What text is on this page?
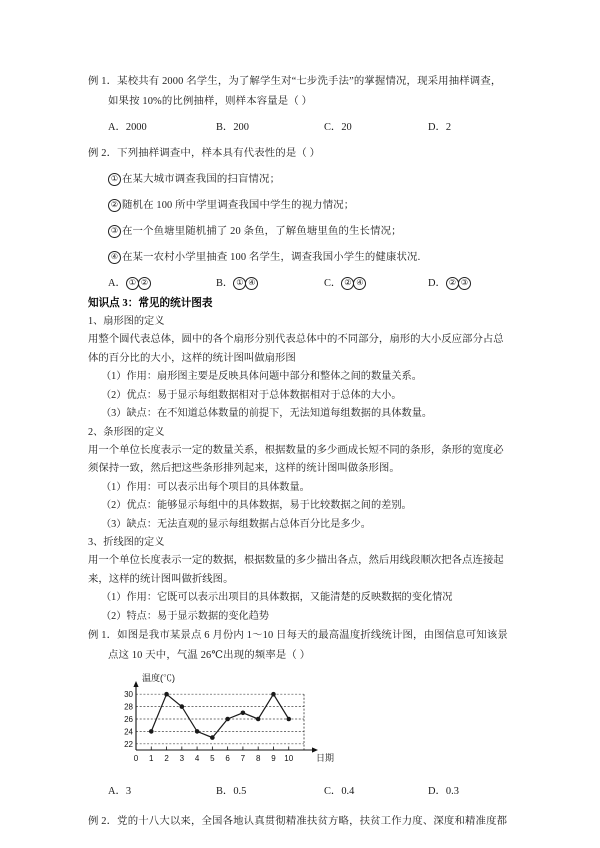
例 1．某校共有 2000 名学生，为了解学生对“七步洗手法”的掌握情况，现采用抽样调查，
如果按 10%的比例抽样，则样本容量是（ ）
A．2000	B．200	C．20	D．2
例 2．下列抽样调查中，样本具有代表性的是（ ）
① 在某大城市调查我国的扫盲情况；
② 随机在 100 所中学里调查我国中学生的视力情况；
③ 在一个鱼塘里随机捕了 20 条鱼，了解鱼塘里鱼的生长情况；
④ 在某一农村小学里抽查 100 名学生，调查我国小学生的健康状况.
A． ① ②	B． ① ④	C． ② ④	D． ② ③
知识点 3：常见的统计图表
1、扇形图的定义
用整个圆代表总体，圆中的各个扇形分别代表总体中的不同部分，扇形的大小反应部分占总
体的百分比的大小，这样的统计图叫做扇形图
（1）作用：扇形图主要是反映具体问题中部分和整体之间的数量关系。
（2）优点：易于显示每组数据相对于总体数据相对于总体的大小。
（3）缺点：在不知道总体数量的前提下，无法知道每组数据的具体数量。
2、条形图的定义
用一个单位长度表示一定的数量关系，根据数量的多少画成长短不同的条形，条形的宽度必
须保持一致，然后把这些条形排列起来，这样的统计图叫做条形图。
（1）作用：可以表示出每个项目的具体数量。
（2）优点：能够显示每组中的具体数据，易于比较数据之间的差别。
（3）缺点：无法直观的显示每组数据占总体百分比是多少。
3、折线图的定义
用一个单位长度表示一定的数据，根据数量的多少描出各点，然后用线段顺次把各点连接起
来，这样的统计图叫做折线图。
（1）作用：它既可以表示出项目的具体数据，又能清楚的反映数据的变化情况
（2）特点：易于显示数据的变化趋势
例 1．如图是我市某景点 6 月份内 1～10 日每天的最高温度折线统计图，由图信息可知该景
点这 10 天中，气温 26℃出现的频率是（ ）
温度(℃)
日期
22
24
26
28
30
0 1 2 3 4 5 6 7 8 9 10
A．3	B．0.5	C．0.4	D．0.3
例 2．党的十八大以来，全国各地认真贯彻精准扶贫方略，扶贫工作力度、深度和精准度都
